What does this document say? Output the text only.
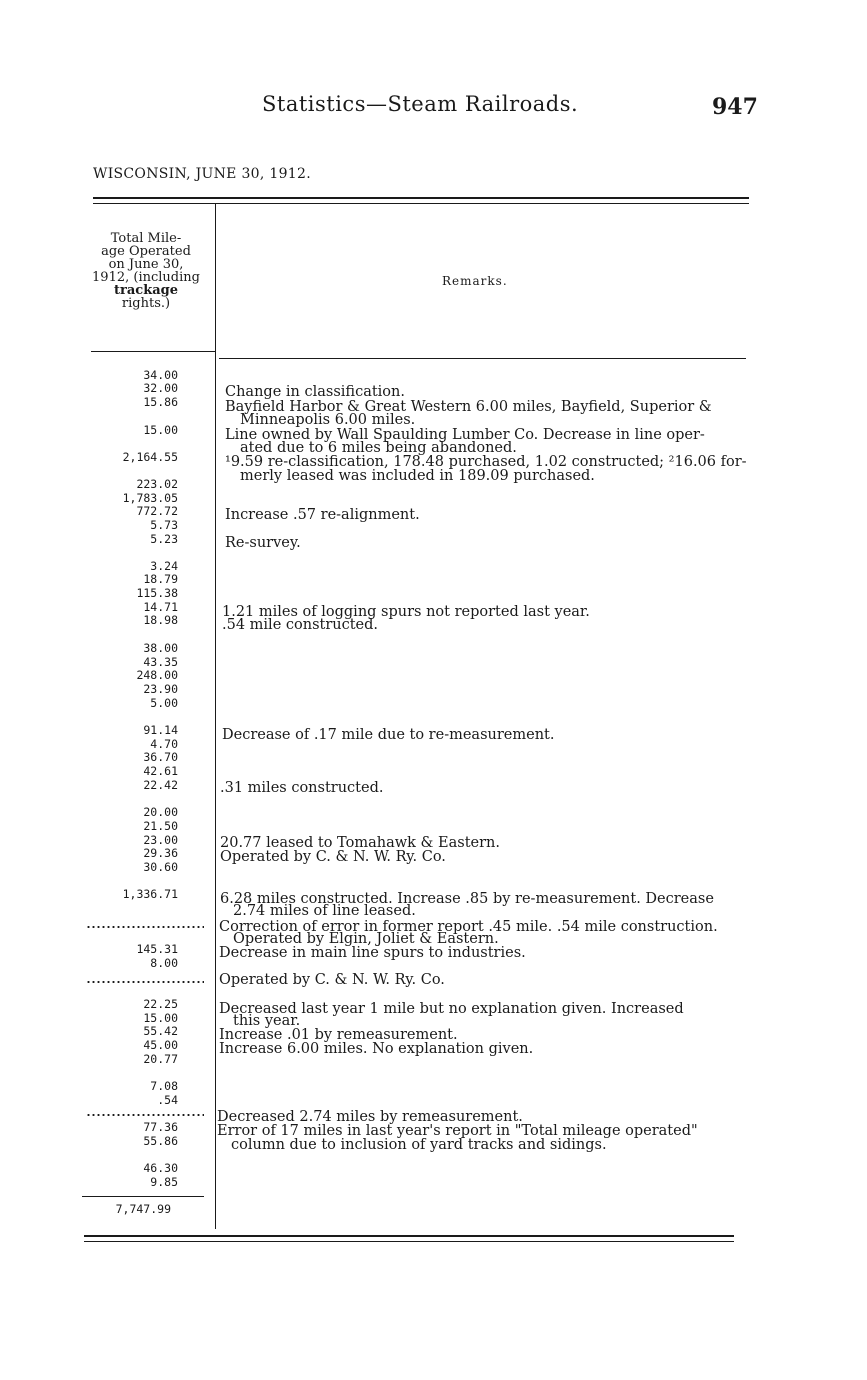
Statistics—Steam Railroads.	947
WISCONSIN, JUNE 30, 1912.
Total Mile-
age Operated
on June 30,
1912, (including
trackage
rights.)
Remarks.
34.00
32.00
15.86
15.00
2,164.55
223.02
1,783.05
772.72
5.73
5.23
3.24
18.79
115.38
14.71
18.98
38.00
43.35
248.00
23.90
5.00
91.14
4.70
36.70
42.61
22.42
20.00
21.50
23.00
29.36
30.60
1,336.71
145.31
8.00
22.25
15.00
55.42
45.00
20.77
7.08
.54
77.36
55.86
46.30
9.85
7,747.99
Change in classification.
Bayfield Harbor & Great Western 6.00 miles, Bayfield, Superior &
Minneapolis 6.00 miles.
Line owned by Wall Spaulding Lumber Co. Decrease in line oper-
ated due to 6 miles being abandoned.
¹9.59 re-classification, 178.48 purchased, 1.02 constructed; ²16.06 for-
merly leased was included in 189.09 purchased.
Increase .57 re-alignment.
Re-survey.
1.21 miles of logging spurs not reported last year.
.54 mile constructed.
Decrease of .17 mile due to re-measurement.
.31 miles constructed.
20.77 leased to Tomahawk & Eastern.
Operated by C. & N. W. Ry. Co.
6.28 miles constructed. Increase .85 by re-measurement. Decrease
2.74 miles of line leased.
Correction of error in former report .45 mile. .54 mile construction.
Operated by Elgin, Joliet & Eastern.
Decrease in main line spurs to industries.
Operated by C. & N. W. Ry. Co.
Decreased last year 1 mile but no explanation given. Increased
this year.
Increase .01 by remeasurement.
Increase 6.00 miles. No explanation given.
Decreased 2.74 miles by remeasurement.
Error of 17 miles in last year's report in "Total mileage operated"
column due to inclusion of yard tracks and sidings.
